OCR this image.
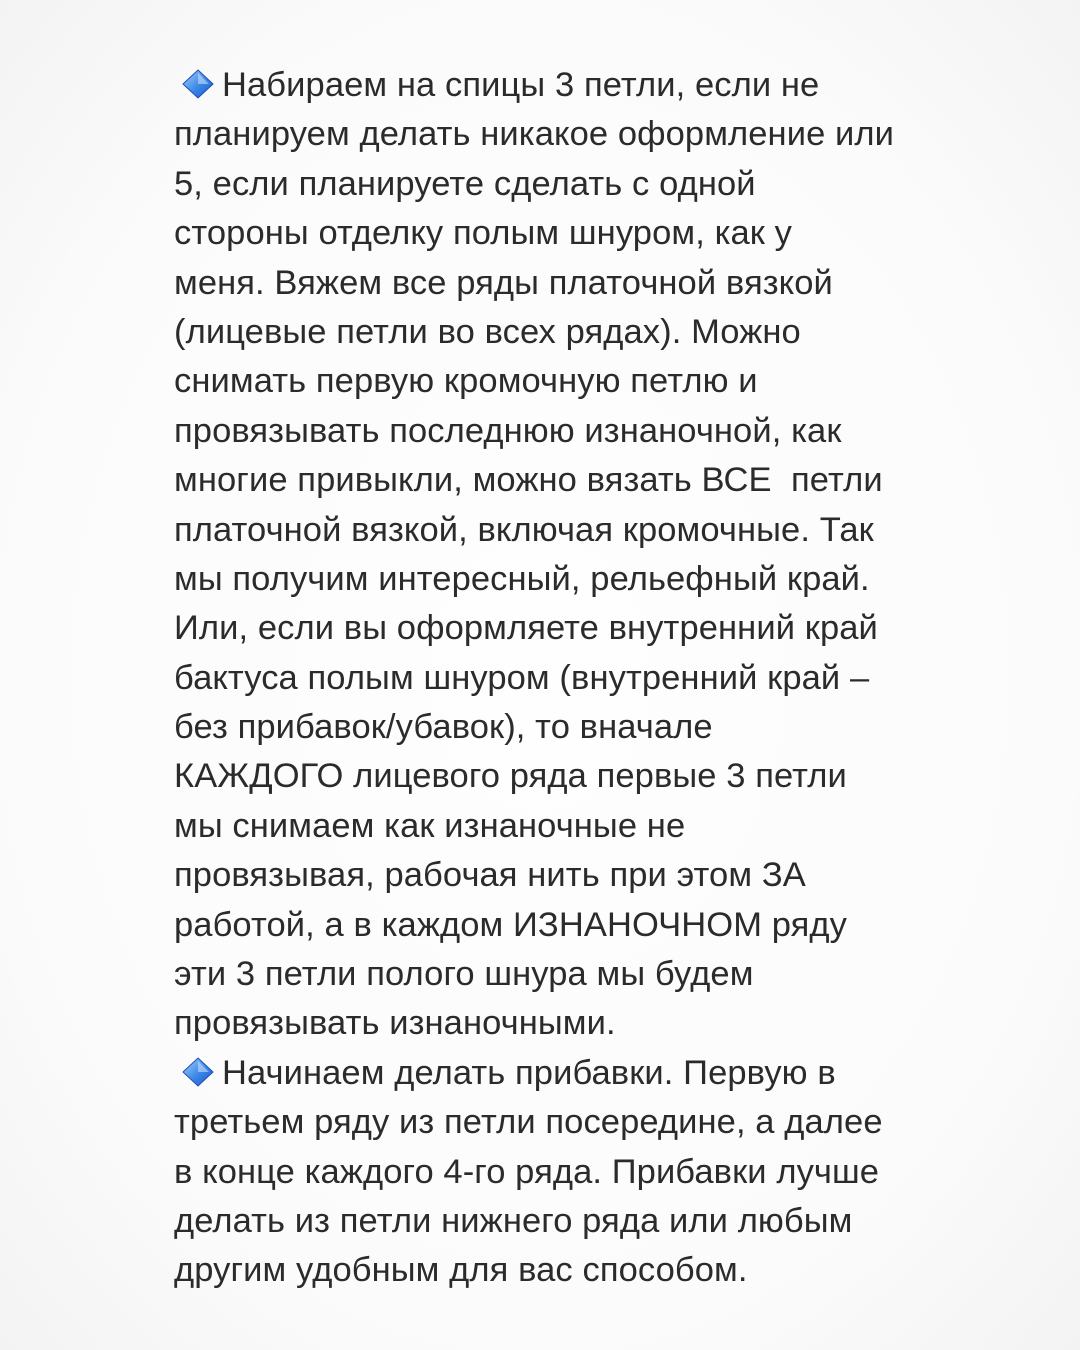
Набираем на спицы 3 петли, если не
планируем делать никакое оформление или
5, если планируете сделать с одной
стороны отделку полым шнуром, как у
меня. Вяжем все ряды платочной вязкой
(лицевые петли во всех рядах). Можно
снимать первую кромочную петлю и
провязывать последнюю изнаночной, как
многие привыкли, можно вязать ВСЕ  петли
платочной вязкой, включая кромочные. Так
мы получим интересный, рельефный край.
Или, если вы оформляете внутренний край
бактуса полым шнуром (внутренний край –
без прибавок/убавок), то вначале
КАЖДОГО лицевого ряда первые 3 петли
мы снимаем как изнаночные не
провязывая, рабочая нить при этом ЗА
работой, а в каждом ИЗНАНОЧНОМ ряду
эти 3 петли полого шнура мы будем
провязывать изнаночными.
Начинаем делать прибавки. Первую в
третьем ряду из петли посередине, а далее
в конце каждого 4-го ряда. Прибавки лучше
делать из петли нижнего ряда или любым
другим удобным для вас способом.
